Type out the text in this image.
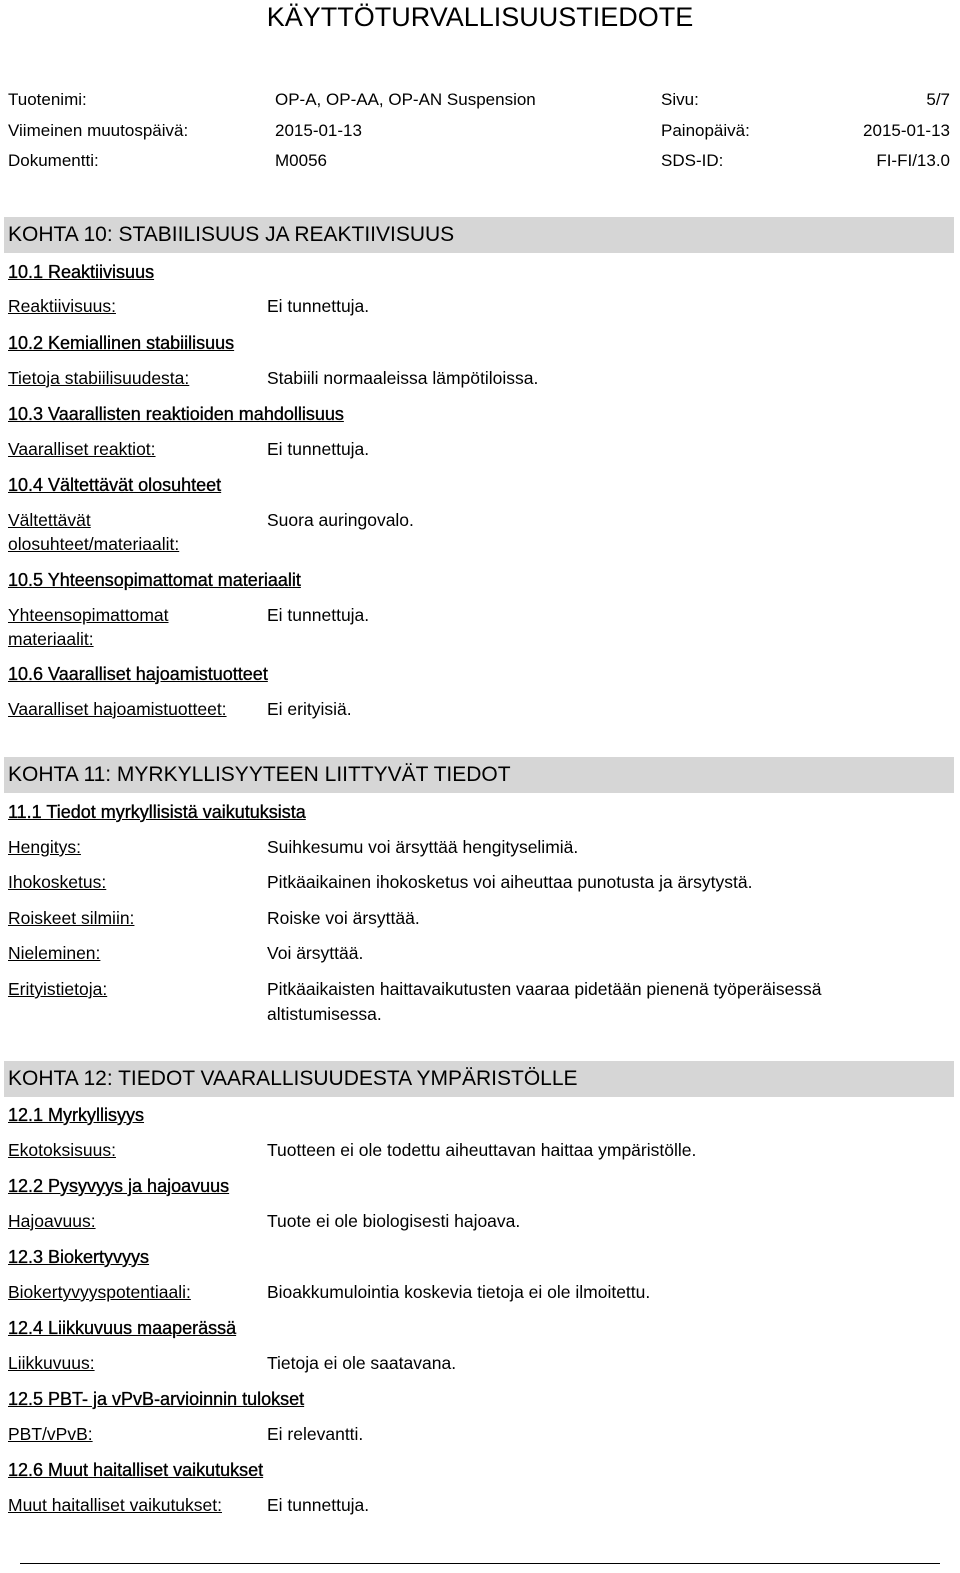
KÄYTTÖTURVALLISUUSTIEDOTE
Tuotenimi:	OP-A, OP-AA, OP-AN Suspension	Sivu:	5/7
Viimeinen muutospäivä:	2015-01-13	Painopäivä:	2015-01-13
Dokumentti:	M0056	SDS-ID:	FI-FI/13.0
KOHTA 10: STABIILISUUS JA REAKTIIVISUUS
10.1 Reaktiivisuus
Reaktiivisuus:	Ei tunnettuja.
10.2 Kemiallinen stabiilisuus
Tietoja stabiilisuudesta:	Stabiili normaaleissa lämpötiloissa.
10.3 Vaarallisten reaktioiden mahdollisuus
Vaaralliset reaktiot:	Ei tunnettuja.
10.4 Vältettävät olosuhteet
Vältettävät
olosuhteet/materiaalit:
Suora auringovalo.
10.5 Yhteensopimattomat materiaalit
Yhteensopimattomat
materiaalit:
Ei tunnettuja.
10.6 Vaaralliset hajoamistuotteet
Vaaralliset hajoamistuotteet:	Ei erityisiä.
KOHTA 11: MYRKYLLISYYTEEN LIITTYVÄT TIEDOT
11.1 Tiedot myrkyllisistä vaikutuksista
Hengitys:	Suihkesumu voi ärsyttää hengityselimiä.
Ihokosketus:	Pitkäaikainen ihokosketus voi aiheuttaa punotusta ja ärsytystä.
Roiskeet silmiin:	Roiske voi ärsyttää.
Nieleminen:	Voi ärsyttää.
Erityistietoja:	Pitkäaikaisten haittavaikutusten vaaraa pidetään pienenä työperäisessä altistumisessa.
KOHTA 12: TIEDOT VAARALLISUUDESTA YMPÄRISTÖLLE
12.1 Myrkyllisyys
Ekotoksisuus:	Tuotteen ei ole todettu aiheuttavan haittaa ympäristölle.
12.2 Pysyvyys ja hajoavuus
Hajoavuus:	Tuote ei ole biologisesti hajoava.
12.3 Biokertyvyys
Biokertyvyyspotentiaali:	Bioakkumulointia koskevia tietoja ei ole ilmoitettu.
12.4 Liikkuvuus maaperässä
Liikkuvuus:	Tietoja ei ole saatavana.
12.5 PBT- ja vPvB-arvioinnin tulokset
PBT/vPvB:	Ei relevantti.
12.6 Muut haitalliset vaikutukset
Muut haitalliset vaikutukset:	Ei tunnettuja.
